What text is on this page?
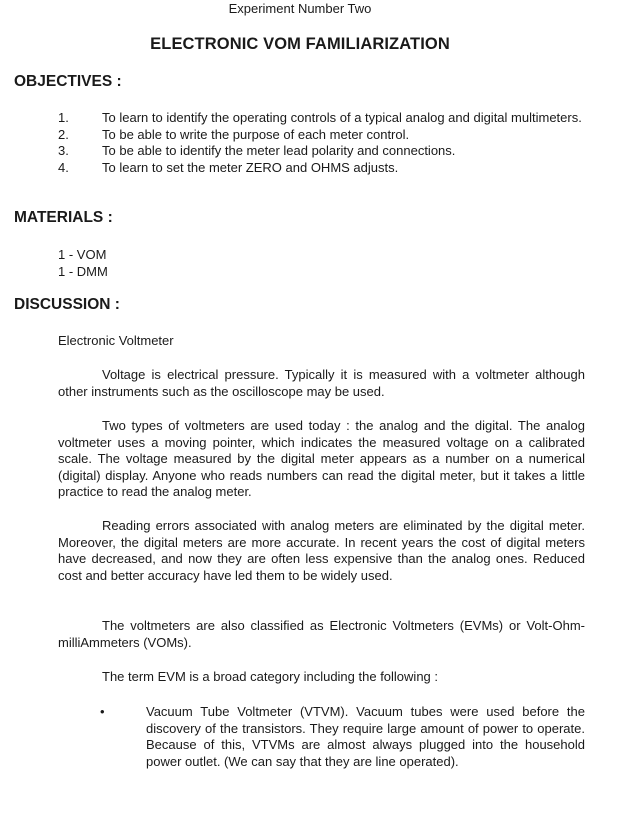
Experiment Number Two
ELECTRONIC VOM FAMILIARIZATION
OBJECTIVES :
1.	To learn to identify the operating controls of a typical analog and digital multimeters.
2.	To be able to write the purpose of each meter control.
3.	To be able to identify the meter lead polarity and connections.
4.	To learn to set the meter ZERO and OHMS adjusts.
MATERIALS :
1 - VOM
1 - DMM
DISCUSSION :
Electronic Voltmeter

Voltage is electrical pressure. Typically it is measured with a voltmeter although other instruments such as the oscilloscope may be used.

Two types of voltmeters are used today : the analog and the digital. The analog voltmeter uses a moving pointer, which indicates the measured voltage on a calibrated scale. The voltage measured by the digital meter appears as a number on a numerical (digital) display. Anyone who reads numbers can read the digital meter, but it takes a little practice to read the analog meter.

Reading errors associated with analog meters are eliminated by the digital meter. Moreover, the digital meters are more accurate. In recent years the cost of digital meters have decreased, and now they are often less expensive than the analog ones. Reduced cost and better accuracy have led them to be widely used.

The voltmeters are also classified as Electronic Voltmeters (EVMs) or Volt-Ohm-milliAmmeters (VOMs).

The term EVM is a broad category including the following :

•	Vacuum Tube Voltmeter (VTVM). Vacuum tubes were used before the discovery of the transistors. They require large amount of power to operate. Because of this, VTVMs are almost always plugged into the household power outlet. (We can say that they are line operated).
